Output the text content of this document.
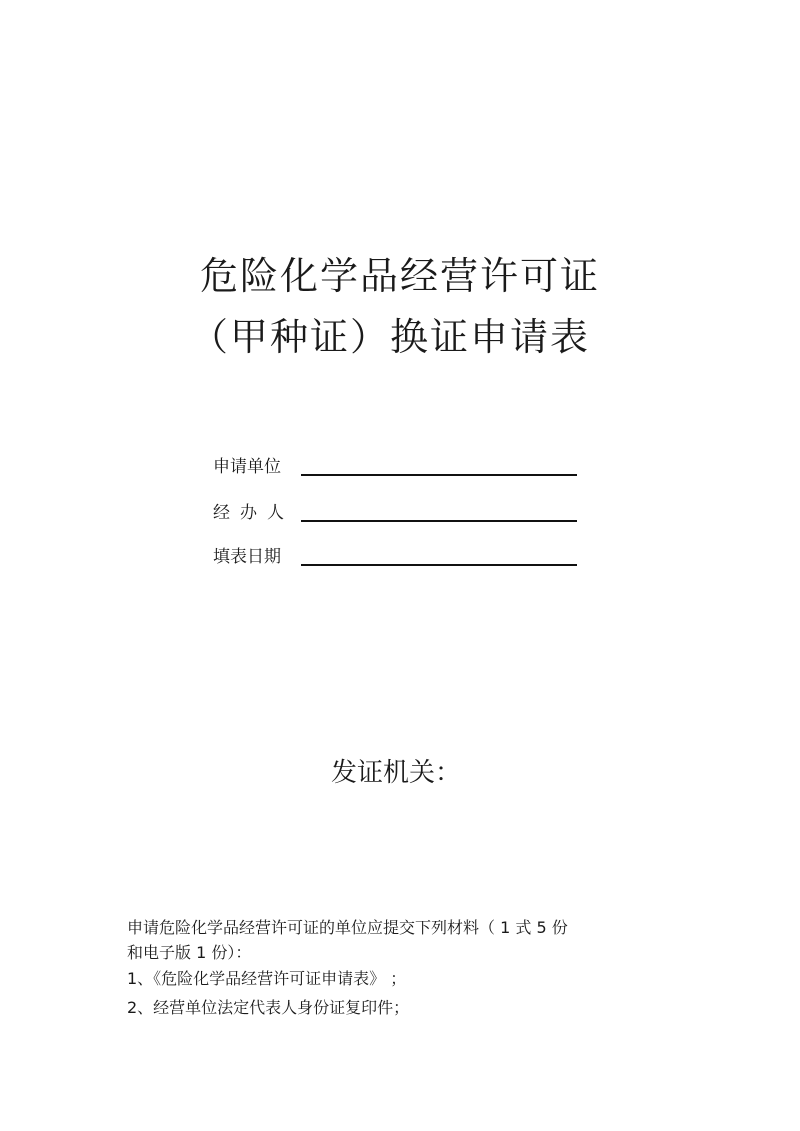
危险化学品经营许可证
（甲种证）换证申请表
申请单位
经办人
填表日期
发证机关：
申请危险化学品经营许可证的单位应提交下列材料（ 1 式 5 份
和电子版 1 份）：
1、《危险化学品经营许可证申请表》 ；
2、经营单位法定代表人身份证复印件；
